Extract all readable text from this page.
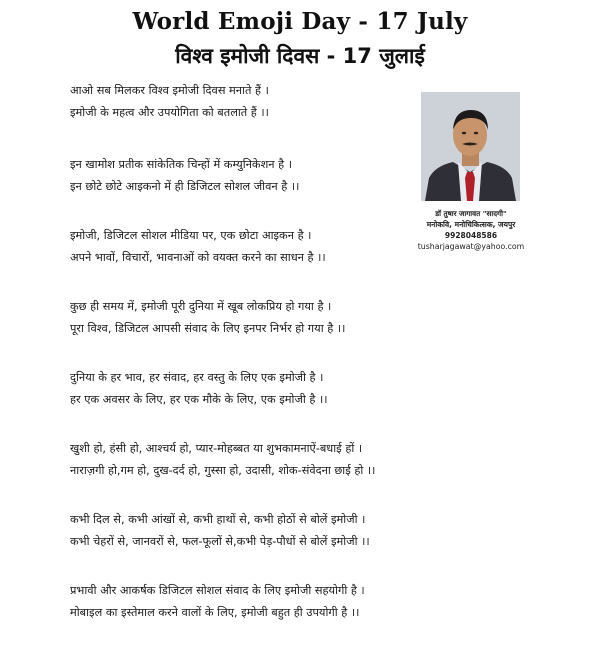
World Emoji Day - 17 July
विश्व इमोजी दिवस - 17 जुलाई
आओ सब मिलकर विश्व इमोजी दिवस मनाते हैं ।
इमोजी के महत्व और उपयोगिता को बतलाते हैं ।।
इन खामोश प्रतीक सांकेतिक चिन्हों में कम्युनिकेशन है ।
इन छोटे छोटे आइकनो में ही डिजिटल सोशल जीवन है ।।
इमोजी, डिजिटल सोशल मीडिया पर, एक छोटा आइकन है ।
अपने भावों, विचारों, भावनाओं को वयक्त करने का साधन है ।।
कुछ ही समय में, इमोजी पूरी दुनिया में खूब लोकप्रिय हो गया है ।
पूरा विश्व, डिजिटल आपसी संवाद के लिए इनपर निर्भर हो गया है ।।
दुनिया के हर भाव, हर संवाद, हर वस्तु के लिए एक इमोजी है ।
हर एक अवसर के लिए, हर एक मौके के लिए, एक इमोजी है ।।
खुशी हो, हंसी हो, आश्चर्य हो, प्यार-मोहब्बत या शुभकामनाऐं-बधाई हों ।
नाराज़गी हो,गम हो, दुख-दर्द हो, गुस्सा हो, उदासी, शोक-संवेदना छाई हो ।।
कभी दिल से, कभी आंखों से, कभी हाथों से, कभी होठों से बोलें इमोजी ।
कभी चेहरों से, जानवरों से, फल-फूलों से,कभी पेड़-पौधों से बोलें इमोजी ।।
प्रभावी और आकर्षक डिजिटल सोशल संवाद के लिए इमोजी सहयोगी है ।
मोबाइल का इस्तेमाल करने वालों के लिए, इमोजी बहुत ही उपयोगी है ।।
डॉ तुषार जागावत "सादगी"
मनोकवि, मनोचिकित्सक, जयपुर
9928048586
tusharjagawat@yahoo.com
